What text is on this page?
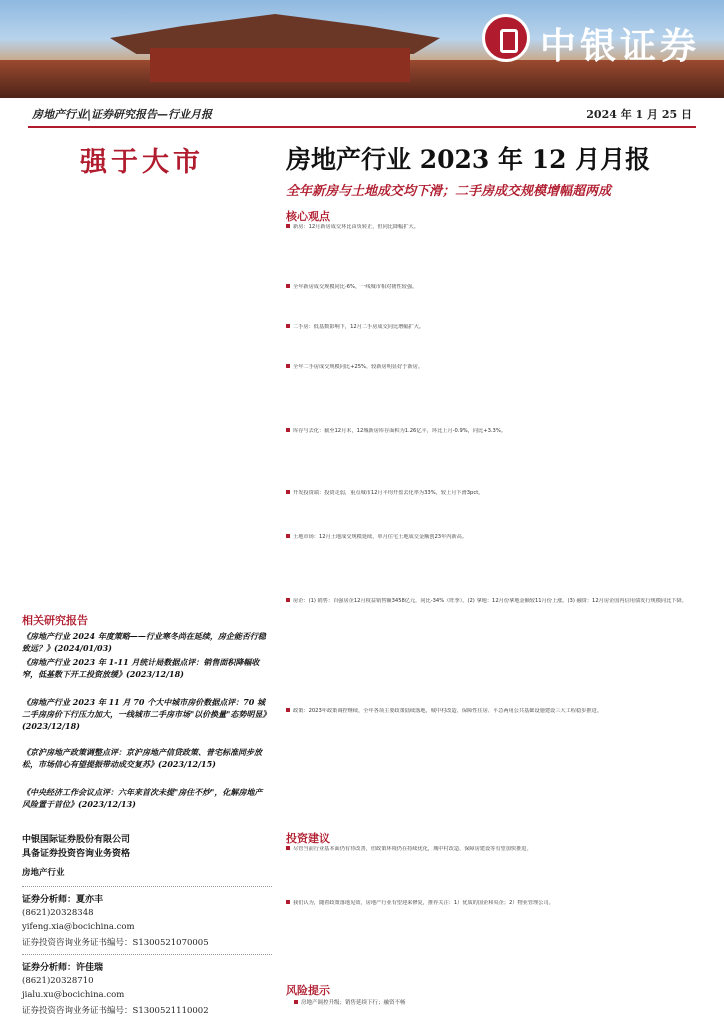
中银证券
房地产行业|证券研究报告—行业月报	2024 年 1 月 25 日
强于大市	房地产行业 2023 年 12 月月报
全年新房与土地成交均下滑；二手房成交规模增幅超两成
核心观点
新房：12月新房成交环比由负转正，但同比降幅扩大。
全年新房成交规模同比-6%，一线城市相对韧性较强。
二手房：低基数影响下，12月二手房成交同比增幅扩大。
全年二手房成交规模同比+25%，较新房明显好于新房。
库存与去化：截至12月末，12城新房库存面积为1.26亿平，环比上月-0.9%，同比+3.3%。
开发投资端：投资走弱，重点城市12月平均开盘去化率为33%，较上月下滑3pct。
土地市场：12月土地成交规模延续，单月住宅土地成交金额创23年内新高。
房企：(1) 销售：百强房企12月权益销售额3458亿元，同比-34%（旺季）。(2) 拿地：12月份拿地金额较11月份上涨。(3) 融资：12月房企国内信用债发行规模同比下降。
政策：2023年政策调控继续，全年各项主要政策陆续落地，城中村改造、保障性住房、平急两用公共基础设施建设三大工程稳步推进。
投资建议
尽管当前行业基本面仍有待改善，但政策环境仍在持续优化，城中村改造、保障房建设等有望加快推进。
我们认为，随着政策落地见效，房地产行业有望迎来修复，推荐关注：1）优质的国企和央企；2）物业管理公司。
风险提示
房地产调控升级；销售延续下行；融资不畅
相关研究报告
《房地产行业 2024 年度策略——行业寒冬尚在延续，房企能否行稳致远？》(2024/01/03)
《房地产行业 2023 年 1-11 月统计局数据点评：销售面积降幅收窄，低基数下开工投资放缓》(2023/12/18)
《房地产行业 2023 年 11 月 70 个大中城市房价数据点评：70 城二手房房价下行压力加大，一线城市二手房市场"以价换量"态势明显》(2023/12/18)
《京沪房地产政策调整点评：京沪房地产信贷政策、普宅标准同步放松，市场信心有望提振带动成交复苏》(2023/12/15)
《中央经济工作会议点评：六年来首次未提"房住不炒"，化解房地产风险置于首位》(2023/12/13)
中银国际证券股份有限公司
具备证券投资咨询业务资格
房地产行业
证券分析师：夏亦丰
(8621)20328348
yifeng.xia@bocichina.com
证券投资咨询业务证书编号：S1300521070005
证券分析师：许佳瑞
(8621)20328710
jialu.xu@bocichina.com
证券投资咨询业务证书编号：S1300521110002
